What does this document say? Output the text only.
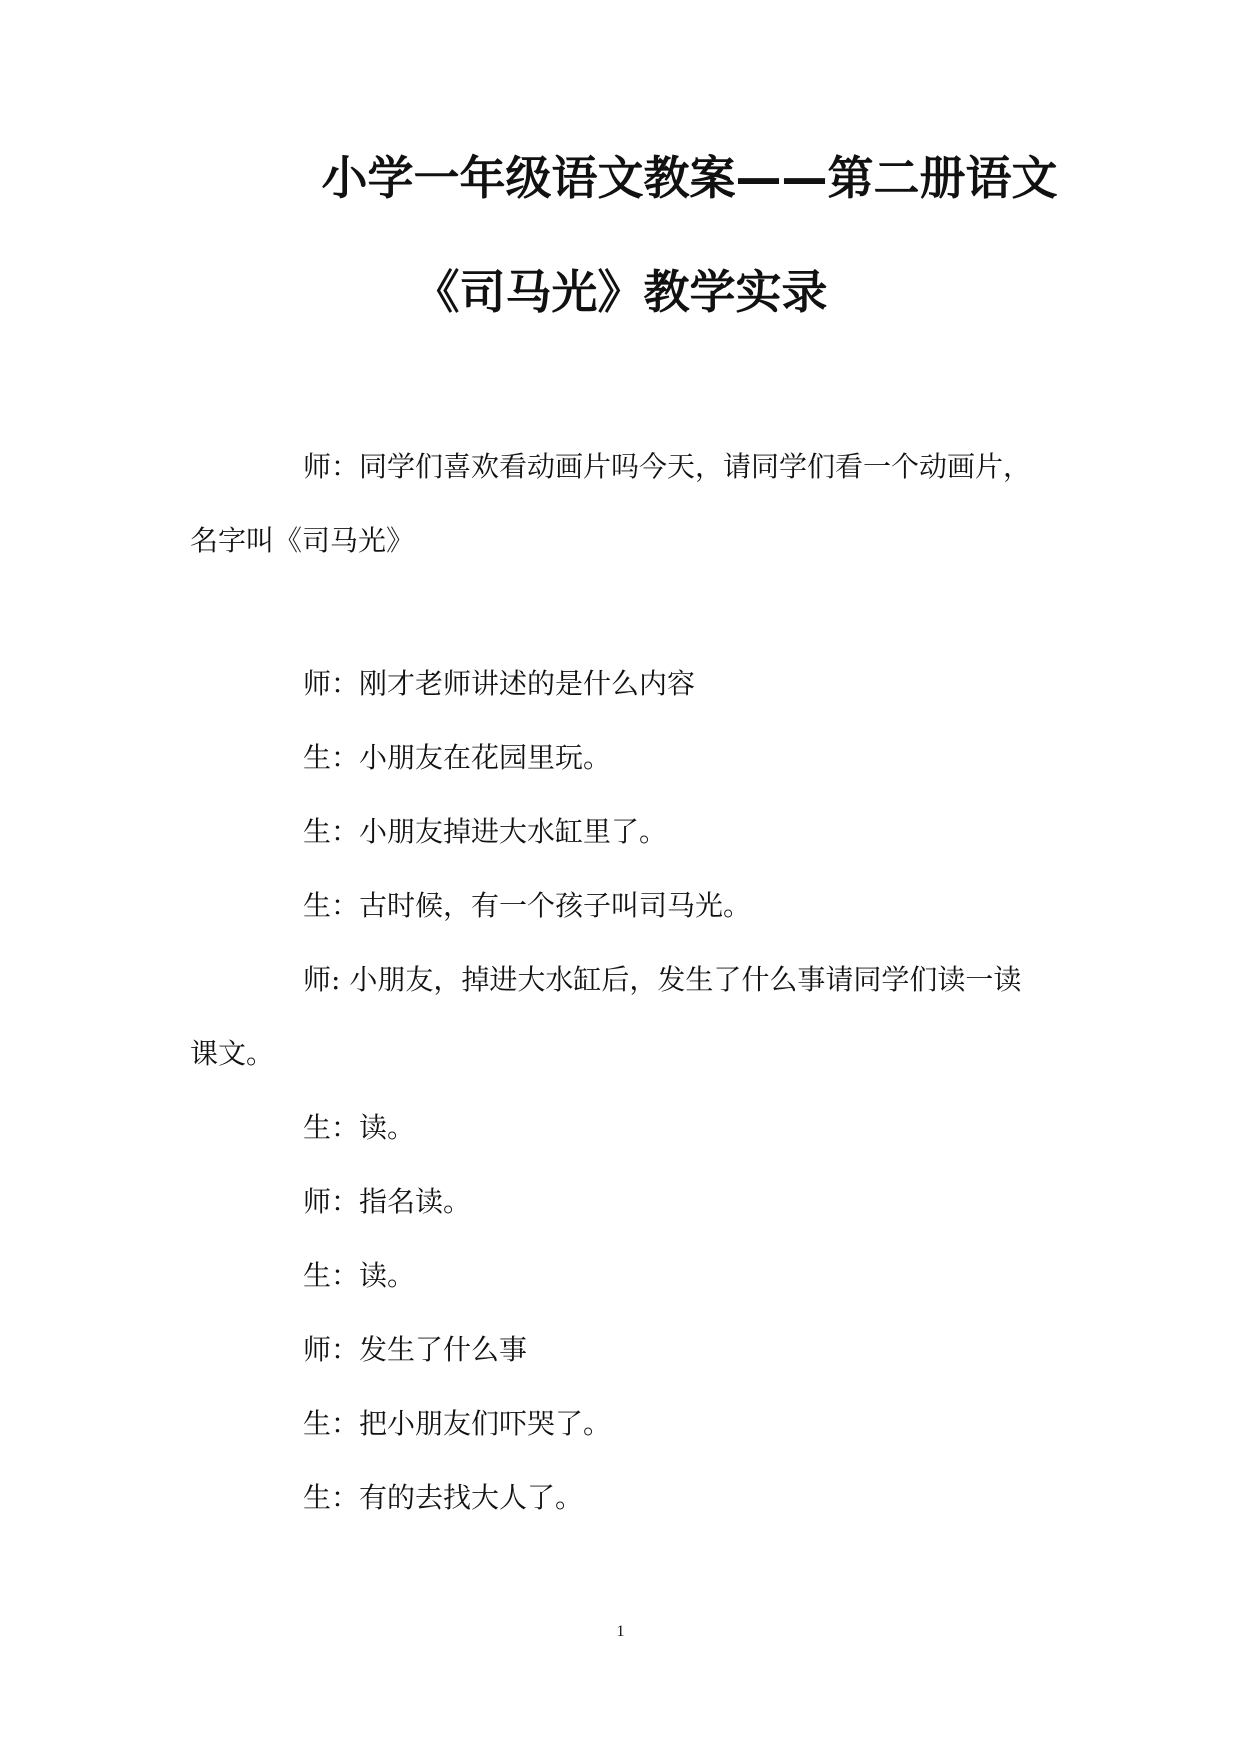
小学一年级语文教案——第二册语文
《司马光》教学实录
师：同学们喜欢看动画片吗今天，请同学们看一个动画片，
名字叫《司马光》
师：刚才老师讲述的是什么内容
生：小朋友在花园里玩。
生：小朋友掉进大水缸里了。
生：古时候，有一个孩子叫司马光。
师: 小朋友，掉进大水缸后，发生了什么事请同学们读一读
课文。
生：读。
师：指名读。
生：读。
师：发生了什么事
生：把小朋友们吓哭了。
生：有的去找大人了。
1
